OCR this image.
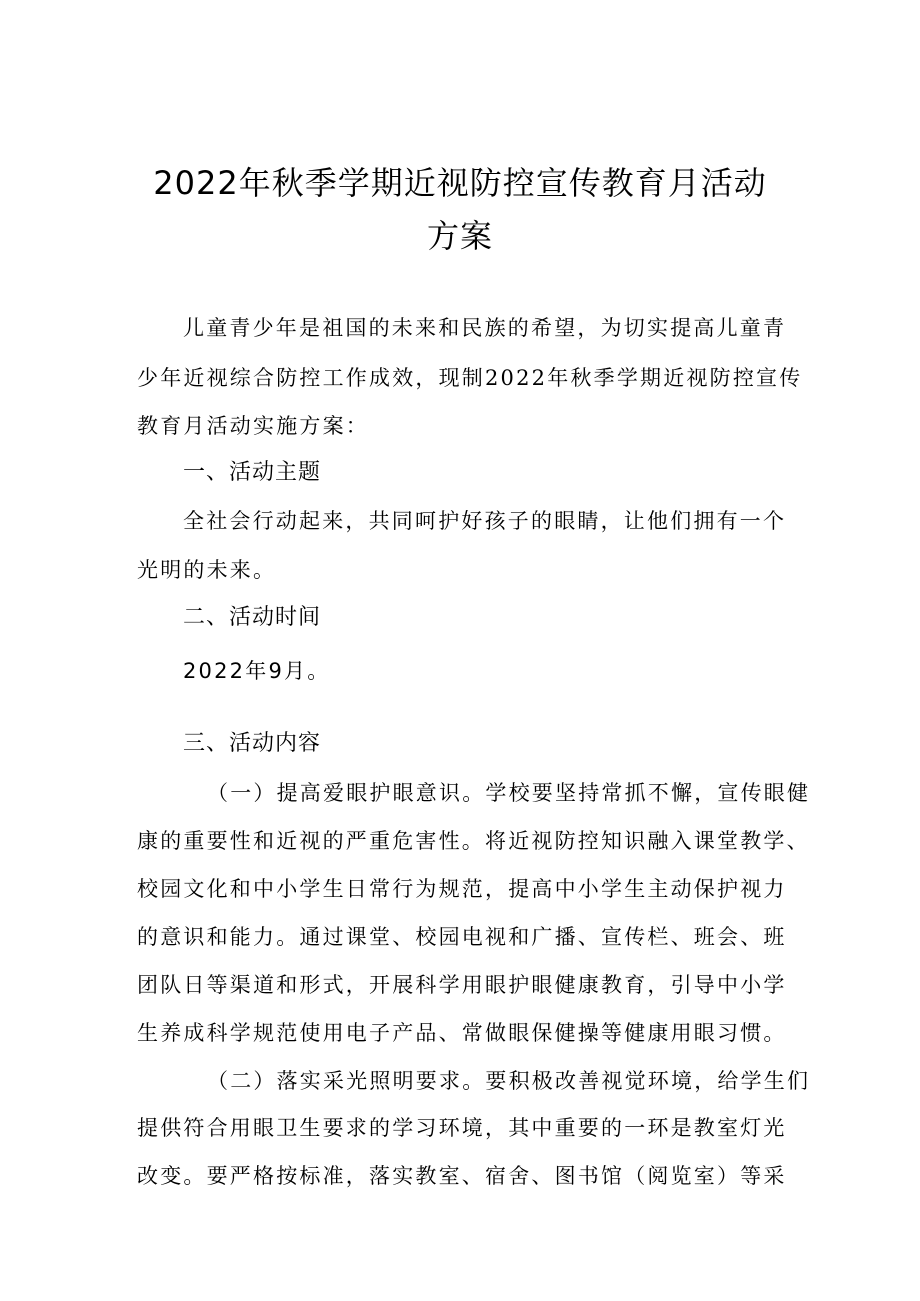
2022年秋季学期近视防控宣传教育月活动
方案
儿童青少年是祖国的未来和民族的希望，为切实提高儿童青
少年近视综合防控工作成效，现制2022年秋季学期近视防控宣传
教育月活动实施方案：
一、活动主题
全社会行动起来，共同呵护好孩子的眼睛，让他们拥有一个
光明的未来。
二、活动时间
2022年9月。
三、活动内容
（一）提高爱眼护眼意识。学校要坚持常抓不懈，宣传眼健
康的重要性和近视的严重危害性。将近视防控知识融入课堂教学、
校园文化和中小学生日常行为规范，提高中小学生主动保护视力
的意识和能力。通过课堂、校园电视和广播、宣传栏、班会、班
团队日等渠道和形式，开展科学用眼护眼健康教育，引导中小学
生养成科学规范使用电子产品、常做眼保健操等健康用眼习惯。
（二）落实采光照明要求。要积极改善视觉环境，给学生们
提供符合用眼卫生要求的学习环境，其中重要的一环是教室灯光
改变。要严格按标准，落实教室、宿舍、图书馆（阅览室）等采
